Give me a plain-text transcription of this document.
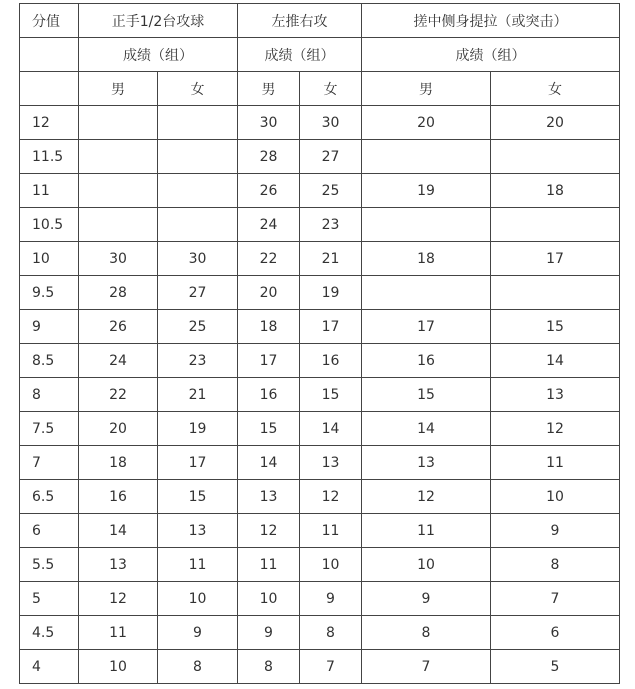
分值	正手1/2台攻球		左推右攻		搓中侧身提拉（或突击）	
	成绩（组）		成绩（组）		成绩（组）	
	男	女	男	女	男	女
12			30	30	20	20
11.5			28	27		
11			26	25	19	18
10.5			24	23		
10	30	30	22	21	18	17
9.5	28	27	20	19		
9	26	25	18	17	17	15
8.5	24	23	17	16	16	14
8	22	21	16	15	15	13
7.5	20	19	15	14	14	12
7	18	17	14	13	13	11
6.5	16	15	13	12	12	10
6	14	13	12	11	11	9
5.5	13	11	11	10	10	8
5	12	10	10	9	9	7
4.5	11	9	9	8	8	6
4	10	8	8	7	7	5
